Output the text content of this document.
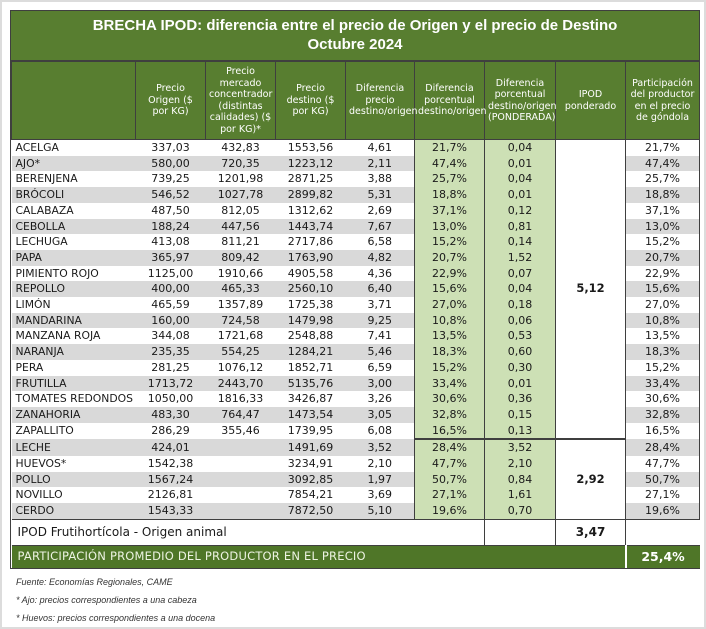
BRECHA IPOD: diferencia entre el precio de Origen y el precio de Destino
Octubre 2024
	Precio Origen ($ por KG)	Precio mercado concentrador (distintas calidades) ($ por KG)*	Precio destino ($ por KG)	Diferencia precio destino/origen	Diferencia porcentual destino/origen	Diferencia porcentual destino/origen (PONDERADA)	IPOD ponderado	Participación del productor en el precio de góndola
ACELGA	337,03	432,83	1553,56	4,61	21,7%	0,04		21,7%
AJO*	580,00	720,35	1223,12	2,11	47,4%	0,01		47,4%
BERENJENA	739,25	1201,98	2871,25	3,88	25,7%	0,04		25,7%
BRÓCOLI	546,52	1027,78	2899,82	5,31	18,8%	0,01		18,8%
CALABAZA	487,50	812,05	1312,62	2,69	37,1%	0,12		37,1%
CEBOLLA	188,24	447,56	1443,74	7,67	13,0%	0,81		13,0%
LECHUGA	413,08	811,21	2717,86	6,58	15,2%	0,14		15,2%
PAPA	365,97	809,42	1763,90	4,82	20,7%	1,52		20,7%
PIMIENTO ROJO	1125,00	1910,66	4905,58	4,36	22,9%	0,07		22,9%
REPOLLO	400,00	465,33	2560,10	6,40	15,6%	0,04	5,12	15,6%
LIMÓN	465,59	1357,89	1725,38	3,71	27,0%	0,18		27,0%
MANDARINA	160,00	724,58	1479,98	9,25	10,8%	0,06		10,8%
MANZANA ROJA	344,08	1721,68	2548,88	7,41	13,5%	0,53		13,5%
NARANJA	235,35	554,25	1284,21	5,46	18,3%	0,60		18,3%
PERA	281,25	1076,12	1852,71	6,59	15,2%	0,30		15,2%
FRUTILLA	1713,72	2443,70	5135,76	3,00	33,4%	0,01		33,4%
TOMATES REDONDOS	1050,00	1816,33	3426,87	3,26	30,6%	0,36		30,6%
ZANAHORIA	483,30	764,47	1473,54	3,05	32,8%	0,15		32,8%
ZAPALLITO	286,29	355,46	1739,95	6,08	16,5%	0,13		16,5%
LECHE	424,01		1491,69	3,52	28,4%	3,52		28,4%
HUEVOS*	1542,38		3234,91	2,10	47,7%	2,10		47,7%
POLLO	1567,24		3092,85	1,97	50,7%	0,84	2,92	50,7%
NOVILLO	2126,81		7854,21	3,69	27,1%	1,61		27,1%
CERDO	1543,33		7872,50	5,10	19,6%	0,70		19,6%
IPOD Frutihortícola - Origen animal							3,47	
PARTICIPACIÓN PROMEDIO DEL PRODUCTOR EN EL PRECIO								25,4%
Fuente: Economías Regionales, CAME
* Ajo: precios correspondientes a una cabeza
* Huevos: precios correspondientes a una docena
